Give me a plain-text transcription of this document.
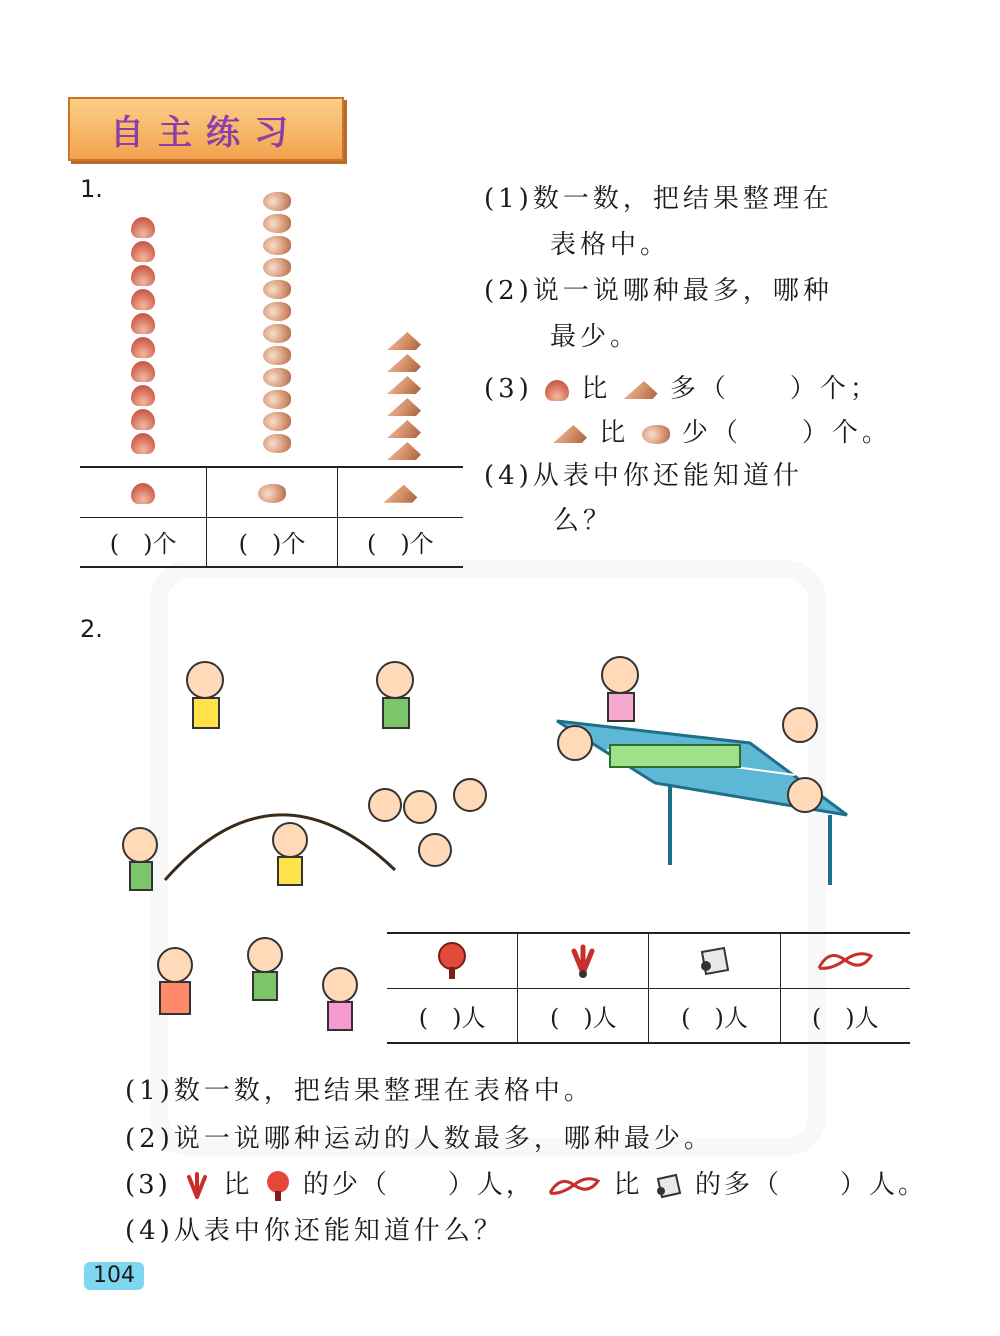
自主练习
1.

(　)个	(　)个	(　)个
(1)数一数，把结果整理在
表格中。
(2)说一说哪种最多，哪种
最少。
(3) 比 多（　　）个；
比 少（　　）个。
(4)从表中你还能知道什
么？
2.

(　)人	(　)人	(　)人	(　)人
(1)数一数，把结果整理在表格中。
(2)说一说哪种运动的人数最多，哪种最少。
(3) 比 的少（　　）人，	比 的多（　　）人。
(4)从表中你还能知道什么？
104
